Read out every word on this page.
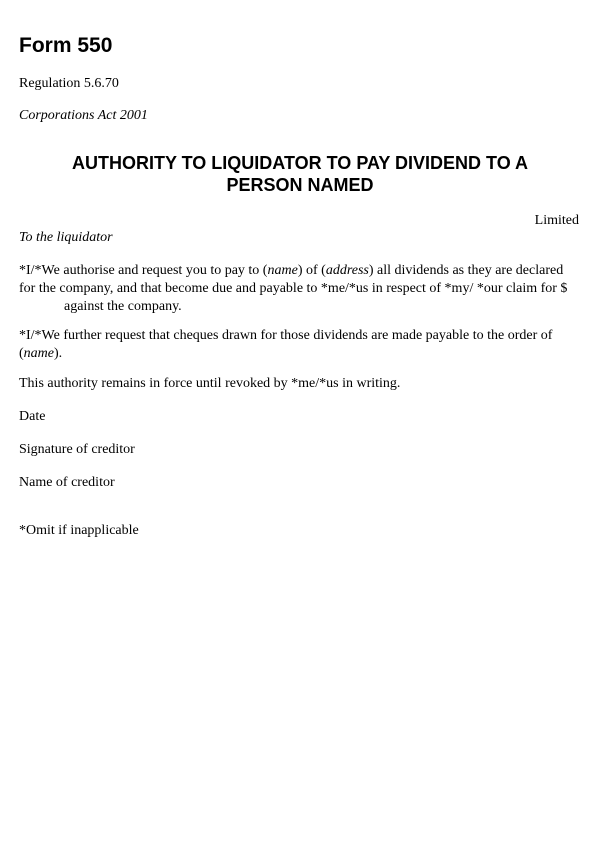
Form 550
Regulation 5.6.70
Corporations Act 2001
AUTHORITY TO LIQUIDATOR TO PAY DIVIDEND TO A
PERSON NAMED
Limited
To the liquidator

*I/*We authorise and request you to pay to (name) of (address) all dividends as they are declared for the company, and that become due and payable to *me/*us in respect of *my/ *our claim for $
against the company.

*I/*We further request that cheques drawn for those dividends are made payable to the order of (name).

This authority remains in force until revoked by *me/*us in writing.

Date
Signature of creditor
Name of creditor
*Omit if inapplicable
